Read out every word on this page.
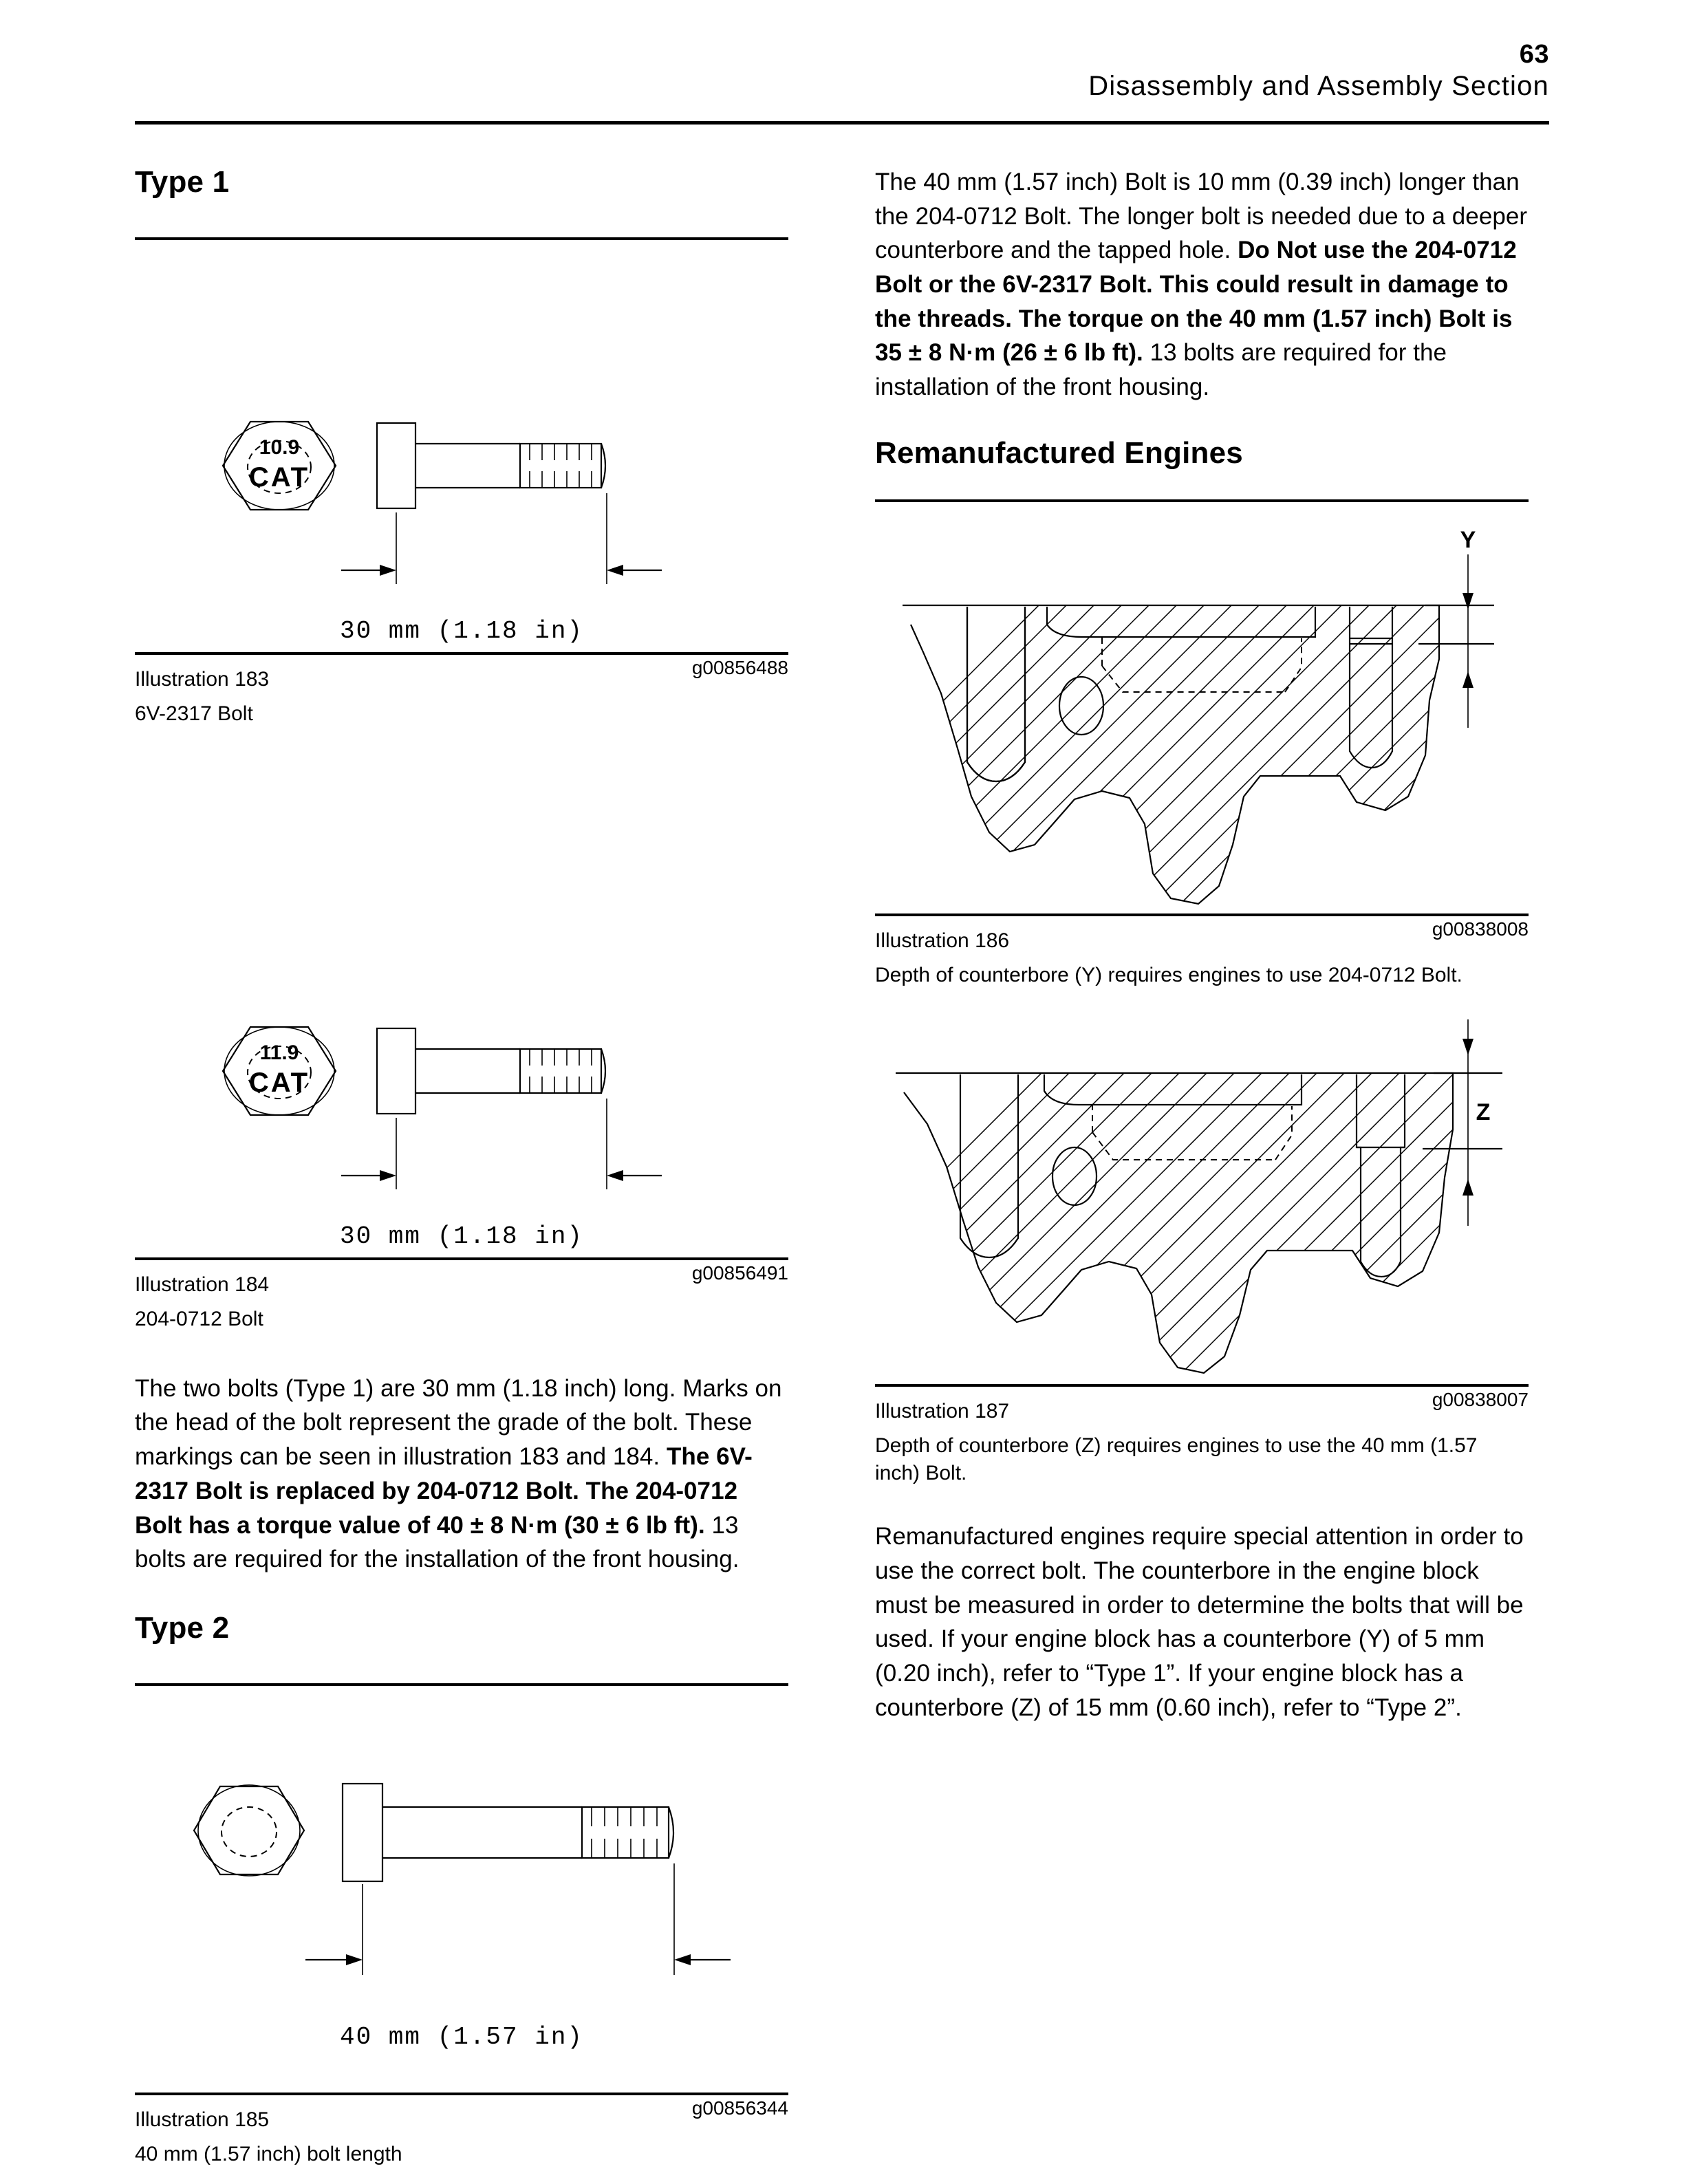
63
Disassembly and Assembly Section
Type 1
10.9
CAT
30 mm (1.18 in)
Illustration 183
g00856488
6V-2317 Bolt
11.9
CAT
30 mm (1.18 in)
Illustration 184
g00856491
204-0712 Bolt

The two bolts (Type 1) are 30 mm (1.18 inch) long. Marks on the head of the bolt represent the grade of the bolt. These markings can be seen in illustration 183 and 184. The 6V-2317 Bolt is replaced by 204-0712 Bolt. The 204-0712 Bolt has a torque value of 40 ± 8 N·m (30 ± 6 lb ft). 13 bolts are required for the installation of the front housing.

Type 2
40 mm (1.57 in)
Illustration 185
g00856344
40 mm (1.57 inch) bolt length

The 40 mm (1.57 inch) Bolt is 10 mm (0.39 inch) longer than the 204-0712 Bolt. The longer bolt is needed due to a deeper counterbore and the tapped hole. Do Not use the 204-0712 Bolt or the 6V-2317 Bolt. This could result in damage to the threads. The torque on the 40 mm (1.57 inch) Bolt is 35 ± 8 N·m (26 ± 6 lb ft). 13 bolts are required for the installation of the front housing.

Remanufactured Engines
Y
Illustration 186
g00838008
Depth of counterbore (Y) requires engines to use 204-0712 Bolt.
Z
Illustration 187
g00838007
Depth of counterbore (Z) requires engines to use the 40 mm (1.57 inch) Bolt.

Remanufactured engines require special attention in order to use the correct bolt. The counterbore in the engine block must be measured in order to determine the bolts that will be used. If your engine block has a counterbore (Y) of 5 mm (0.20 inch), refer to “Type 1”. If your engine block has a counterbore (Z) of 15 mm (0.60 inch), refer to “Type 2”.
